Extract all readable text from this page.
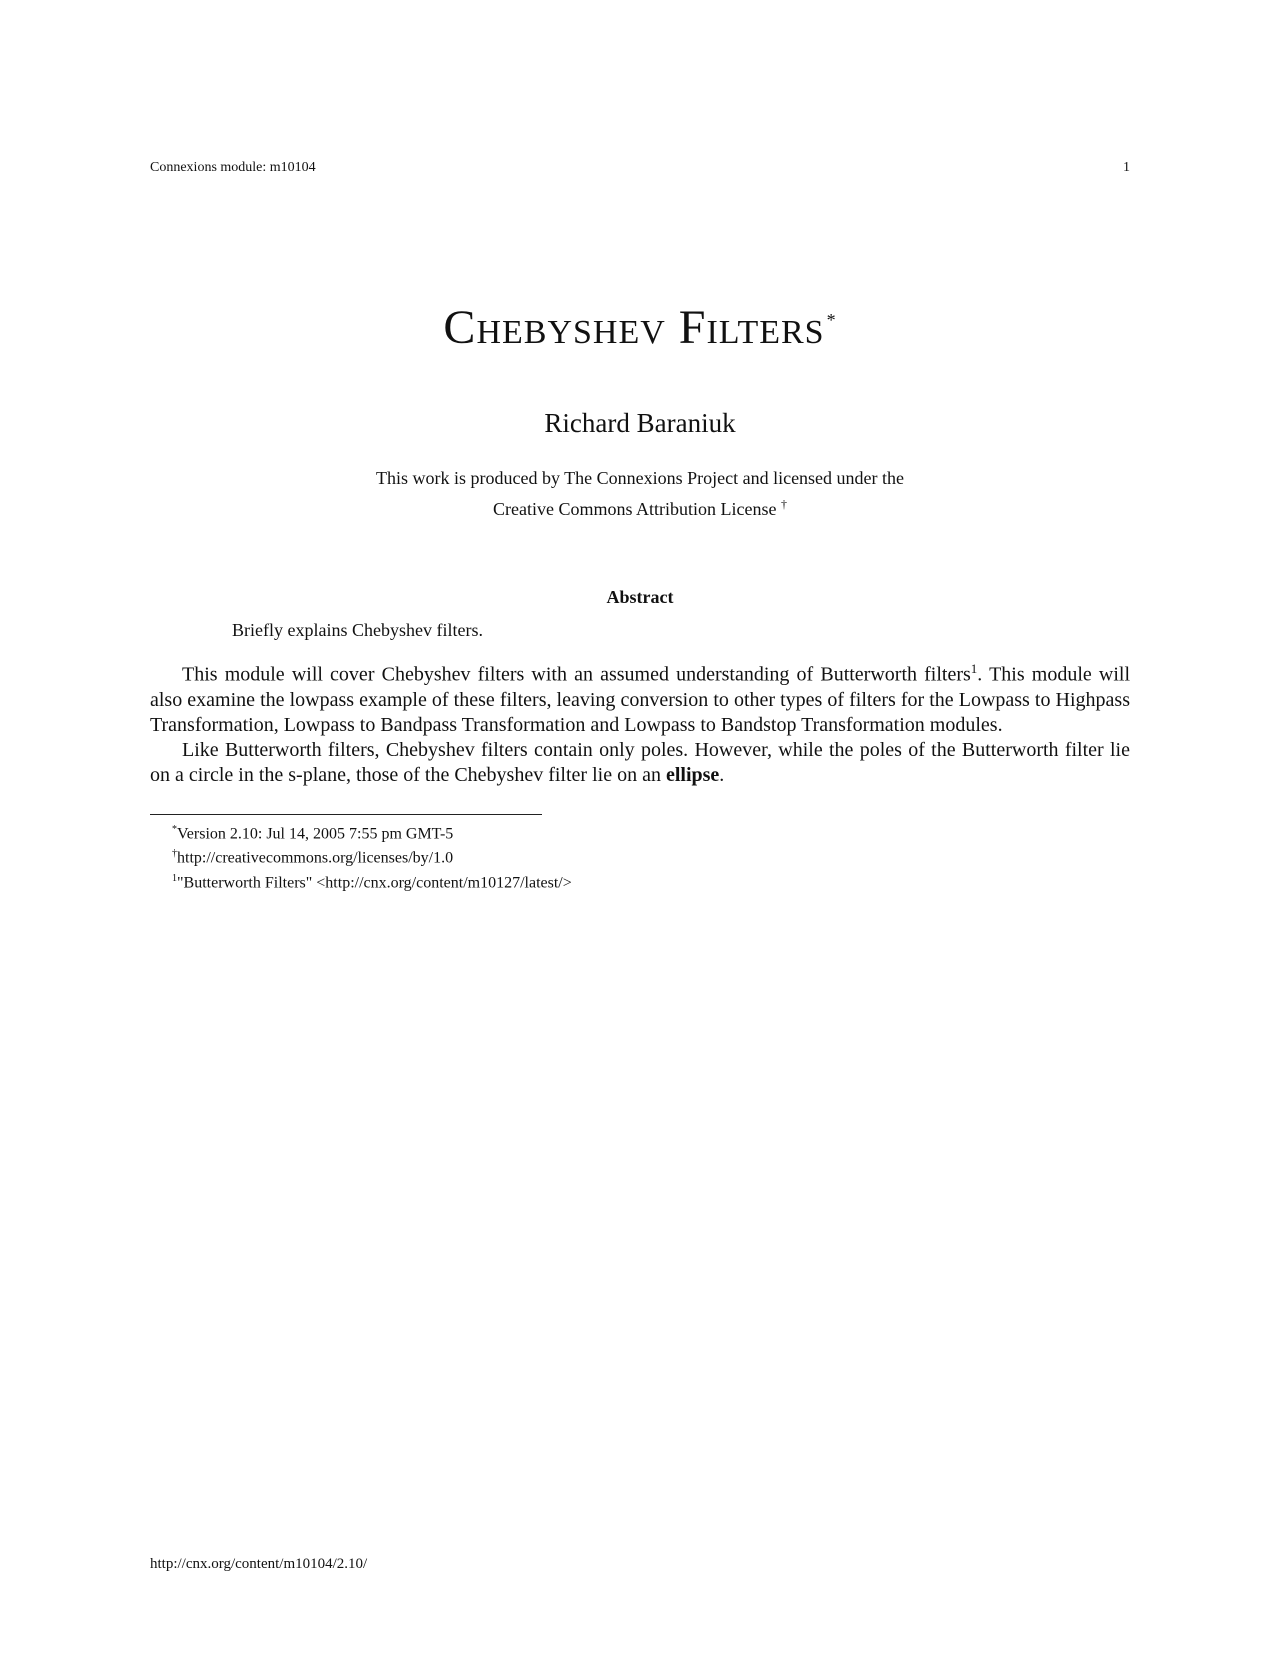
Connexions module: m10104	1
Chebyshev Filters *
Richard Baraniuk
This work is produced by The Connexions Project and licensed under the
Creative Commons Attribution License †
Abstract
Briefly explains Chebyshev filters.

This module will cover Chebyshev filters with an assumed understanding of Butterworth filters$^1$. This module will also examine the lowpass example of these filters, leaving conversion to other types of filters for the Lowpass to Highpass Transformation, Lowpass to Bandpass Transformation and Lowpass to Bandstop Transformation modules.

Like Butterworth filters, Chebyshev filters contain only poles. However, while the poles of the Butterworth filter lie on a circle in the s-plane, those of the Chebyshev filter lie on an ellipse.

*Version 2.10: Jul 14, 2005 7:55 pm GMT-5
†http://creativecommons.org/licenses/by/1.0
$^1$"Butterworth Filters" <http://cnx.org/content/m10127/latest/>
http://cnx.org/content/m10104/2.10/
